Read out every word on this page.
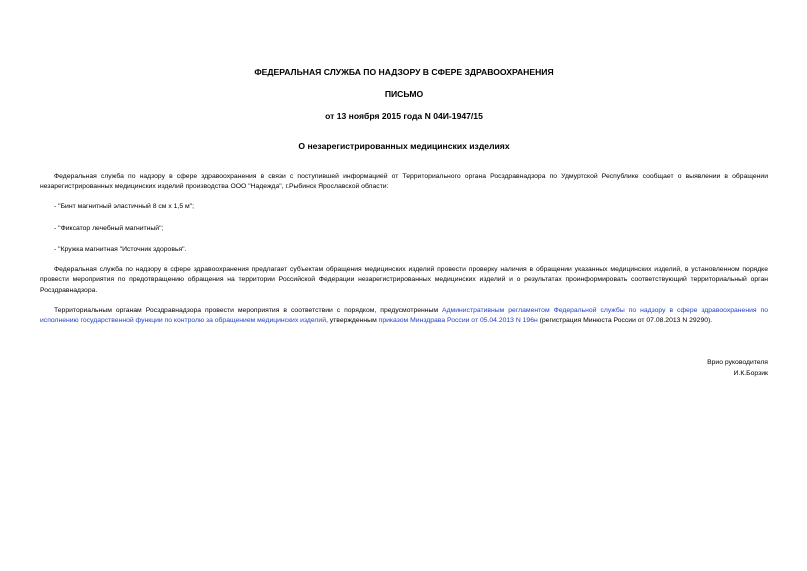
ФЕДЕРАЛЬНАЯ СЛУЖБА ПО НАДЗОРУ В СФЕРЕ ЗДРАВООХРАНЕНИЯ
ПИСЬМО
от 13 ноября 2015 года N 04И-1947/15
О незарегистрированных медицинских изделиях
Федеральная служба по надзору в сфере здравоохранения в связи с поступившей информацией от Территориального органа Росздравнадзора по Удмуртской Республике сообщает о выявлении в обращении незарегистрированных медицинских изделий производства ООО "Надежда", г.Рыбинск Ярославской области:
- "Бинт магнитный эластичный 8 см х 1,5 м";
- "Фиксатор лечебный магнитный";
- "Кружка магнитная "Источник здоровья".
Федеральная служба по надзору в сфере здравоохранения предлагает субъектам обращения медицинских изделий провести проверку наличия в обращении указанных медицинских изделий, в установленном порядке провести мероприятия по предотвращению обращения на территории Российской Федерации незарегистрированных медицинских изделий и о результатах проинформировать соответствующий территориальный орган Росздравнадзора.
Территориальным органам Росздравнадзора провести мероприятия в соответствии с порядком, предусмотренным Административным регламентом Федеральной службы по надзору в сфере здравоохранения по исполнению государственной функции по контролю за обращением медицинских изделий, утвержденным приказом Минздрава России от 05.04.2013 N 196н (регистрация Минюста России от 07.08.2013 N 29290).
Врио руководителя
И.К.Борзик
